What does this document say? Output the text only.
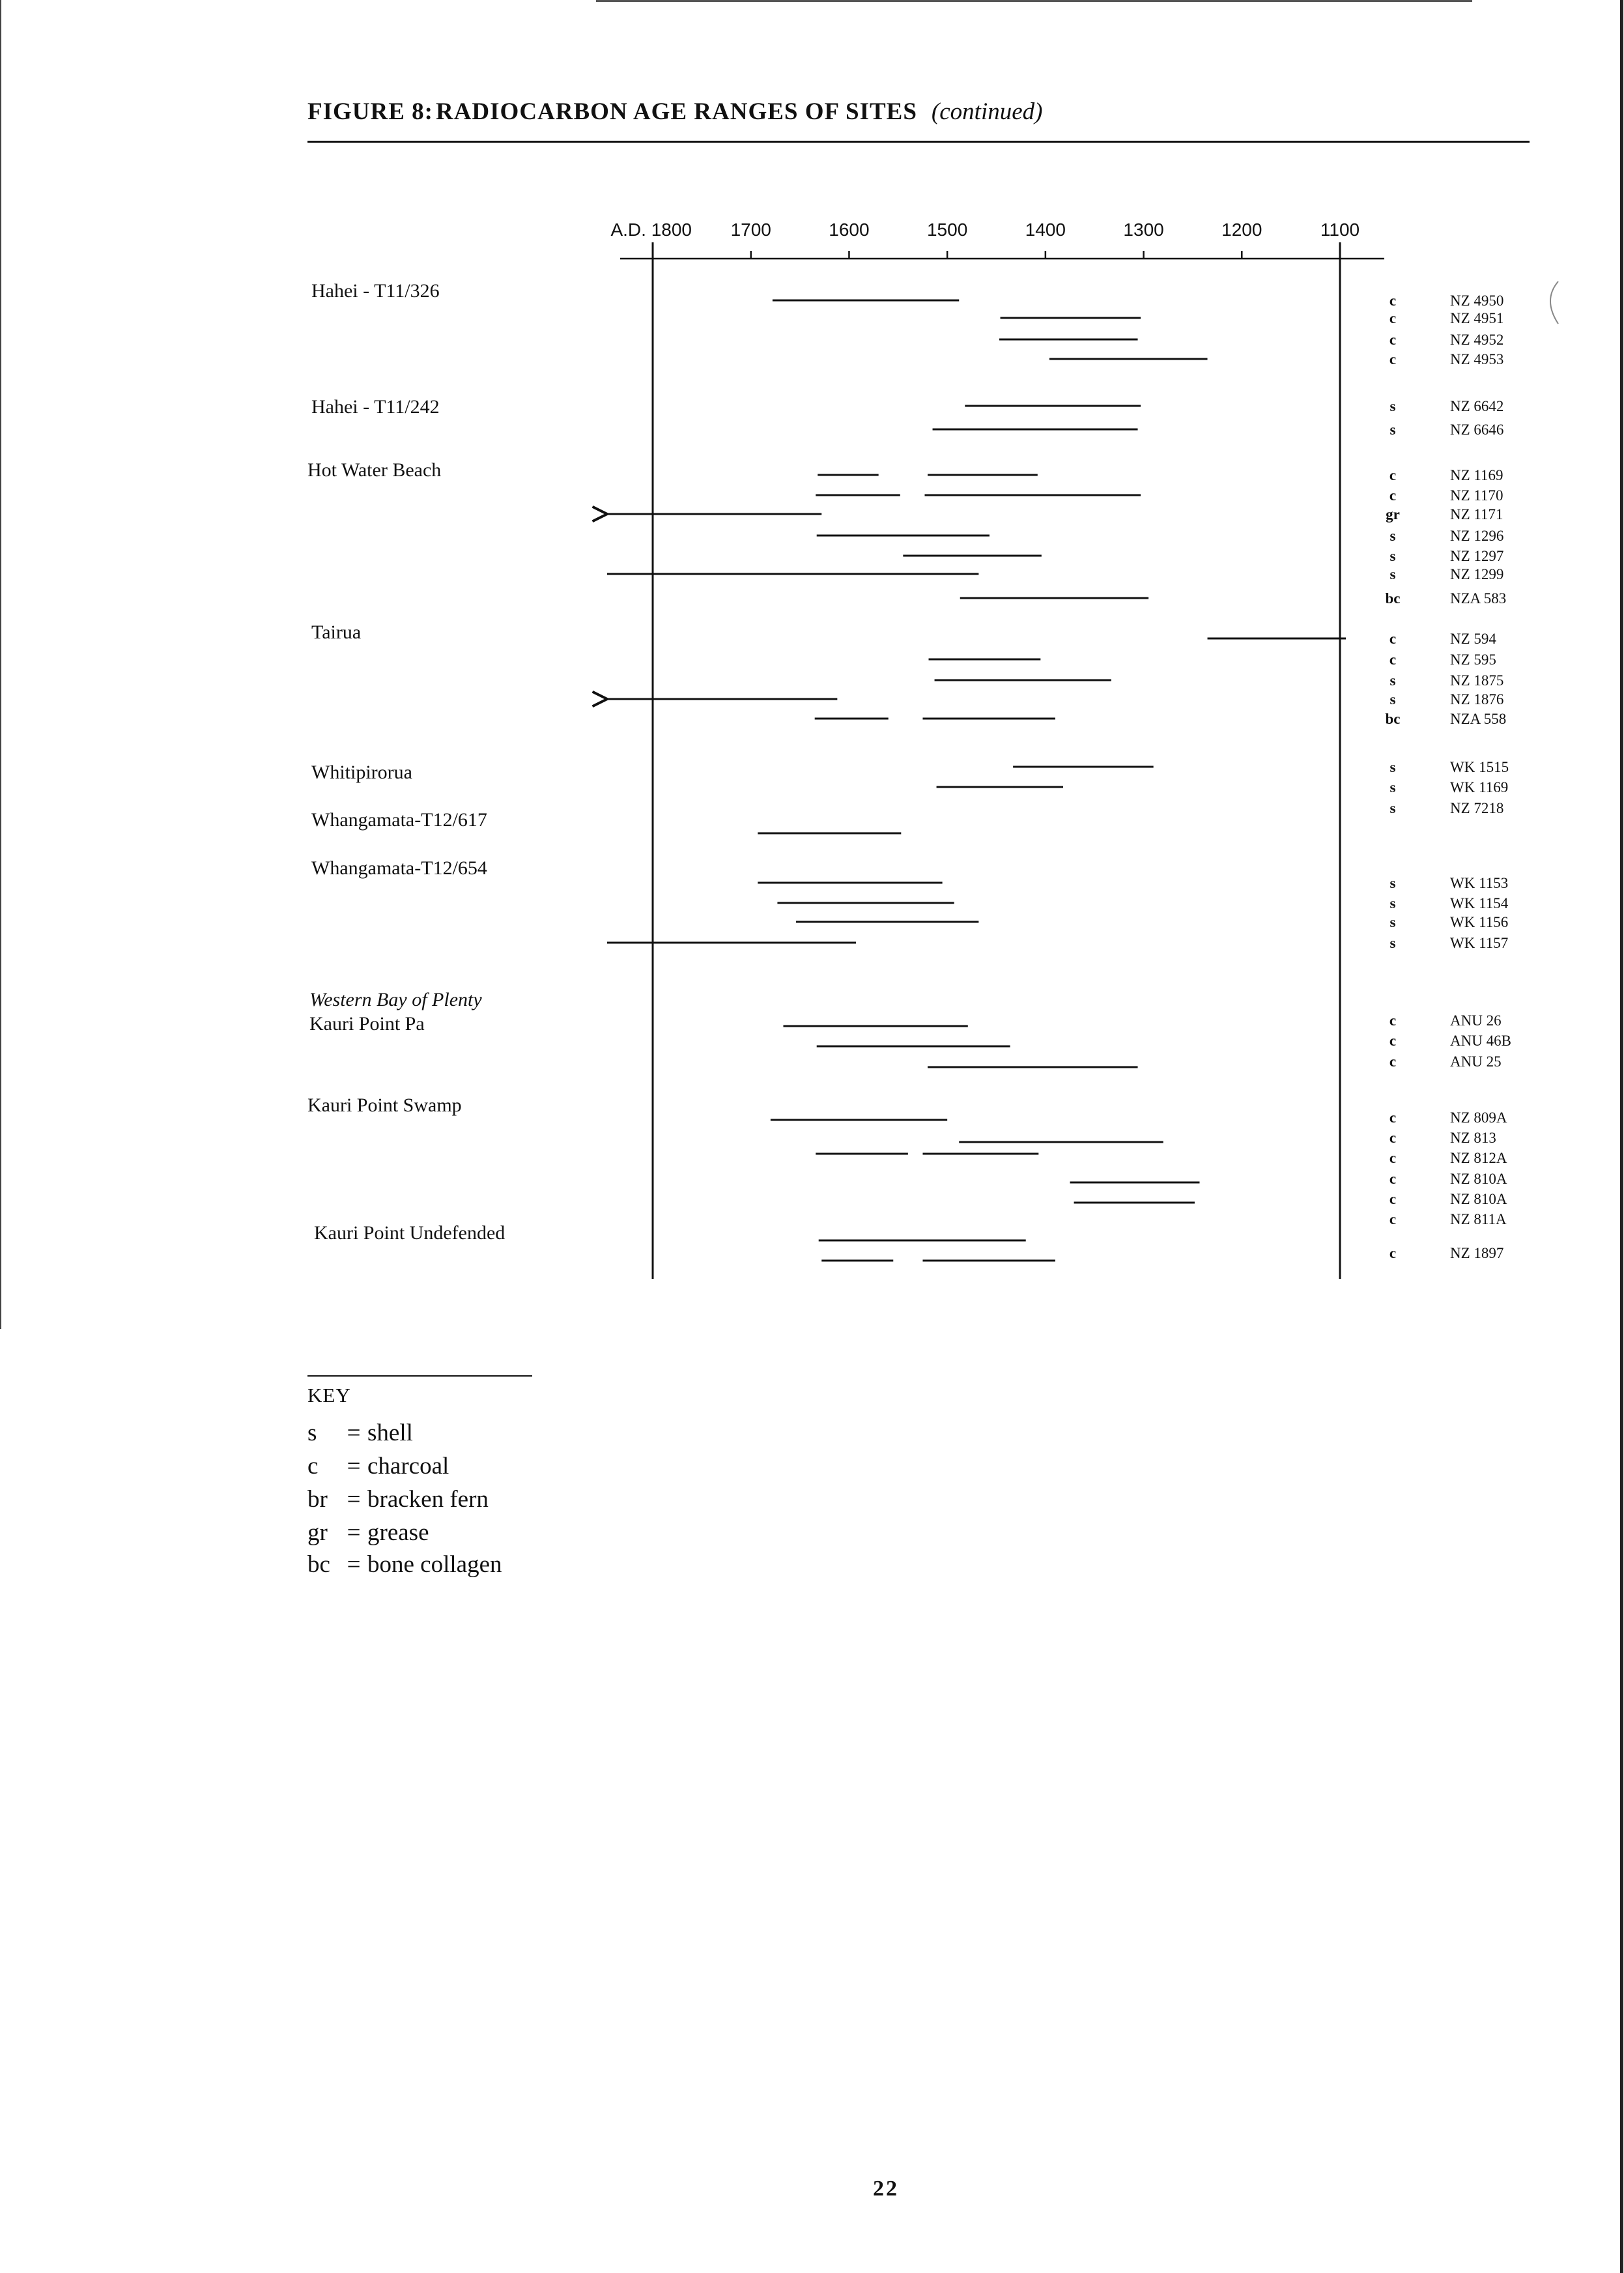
FIGURE 8: RADIOCARBON AGE RANGES OF SITES (continued)
A.D. 1800 1700	1600	1500	1400	1300	1200	1100
Hahei - T11/326	c	NZ 4950
c	NZ 4951
c	NZ 4952
c	NZ 4953
Hahei - T11/242	s	NZ 6642
s	NZ 6646
Hot Water Beach	c	NZ 1169
c	NZ 1170
gr	NZ 1171
s	NZ 1296
s	NZ 1297
s	NZ 1299
bc	NZA 583
Tairua	c	NZ 594
c	NZ 595
s	NZ 1875
s	NZ 1876
bc	NZA 558
Whitipirorua	s	WK 1515
s	WK 1169
s	NZ 7218
Whangamata-T12/617
Whangamata-T12/654
s	WK 1153
s	WK 1154
s	WK 1156
s	WK 1157
Western Bay of Plenty
Kauri Point Pa	c	ANU 26
c	ANU 46B
c	ANU 25
Kauri Point Swamp
c	NZ 809A
c	NZ 813
c	NZ 812A
c	NZ 810A
c	NZ 810A
c	NZ 811A
Kauri Point Undefended
c	NZ 1897
KEY
s = shell
c = charcoal
br = bracken fern
gr = grease
bc = bone collagen
22
